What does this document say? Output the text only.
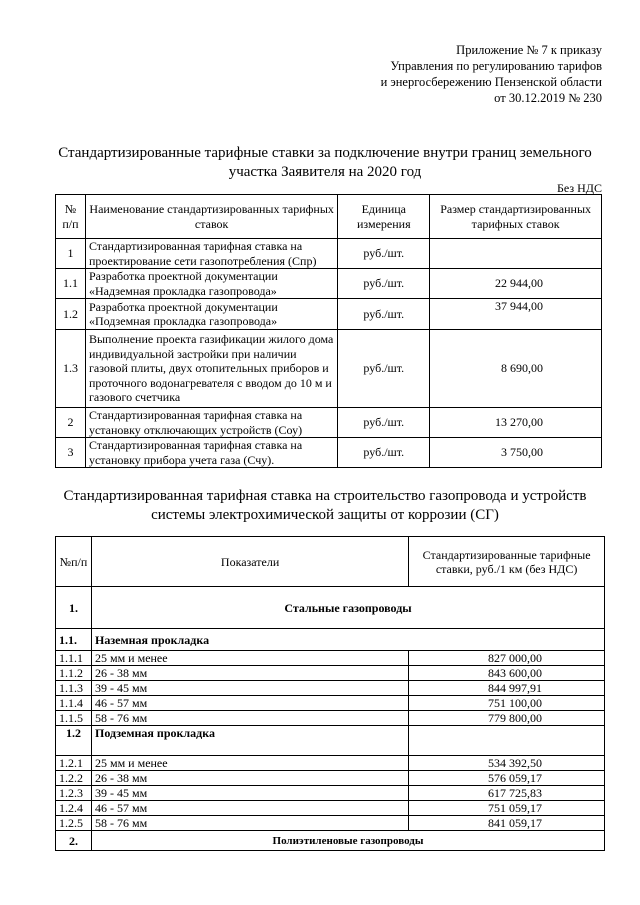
Приложение № 7 к приказу
Управления по регулированию тарифов
и энергосбережению Пензенской области
от 30.12.2019 № 230
Стандартизированные тарифные ставки за подключение внутри границ земельного
участка Заявителя на 2020 год
Без НДС
№ п/п	Наименование стандартизированных тарифных ставок	Единица измерения	Размер стандартизированных тарифных ставок
1	Стандартизированная тарифная ставка на проектирование сети газопотребления (Спр)	руб./шт.	
1.1	Разработка проектной документации «Надземная прокладка газопровода»	руб./шт.	22 944,00
1.2	Разработка проектной документации «Подземная прокладка газопровода»	руб./шт.	37 944,00
1.3	Выполнение проекта газификации жилого дома индивидуальной застройки при наличии газовой плиты, двух отопительных приборов и проточного водонагревателя с вводом до 10 м и газового счетчика	руб./шт.	8 690,00
2	Стандартизированная тарифная ставка на установку отключающих устройств (Соу)	руб./шт.	13 270,00
3	Стандартизированная тарифная ставка на установку прибора учета газа (Счу).	руб./шт.	3 750,00
Стандартизированная тарифная ставка на строительство газопровода и устройств
системы электрохимической защиты от коррозии (СГ)
№п/п	Показатели	Стандартизированные тарифные ставки, руб./1 км (без НДС)
1.	Стальные газопроводы	
1.1.	Наземная прокладка	
1.1.1	25 мм и менее	827 000,00
1.1.2	26 - 38 мм	843 600,00
1.1.3	39 - 45 мм	844 997,91
1.1.4	46 - 57 мм	751 100,00
1.1.5	58 - 76 мм	779 800,00
1.2	Подземная прокладка	
1.2.1	25 мм и менее	534 392,50
1.2.2	26 - 38 мм	576 059,17
1.2.3	39 - 45 мм	617 725,83
1.2.4	46 - 57 мм	751 059,17
1.2.5	58 - 76 мм	841 059,17
2.	Полиэтиленовые газопроводы	
